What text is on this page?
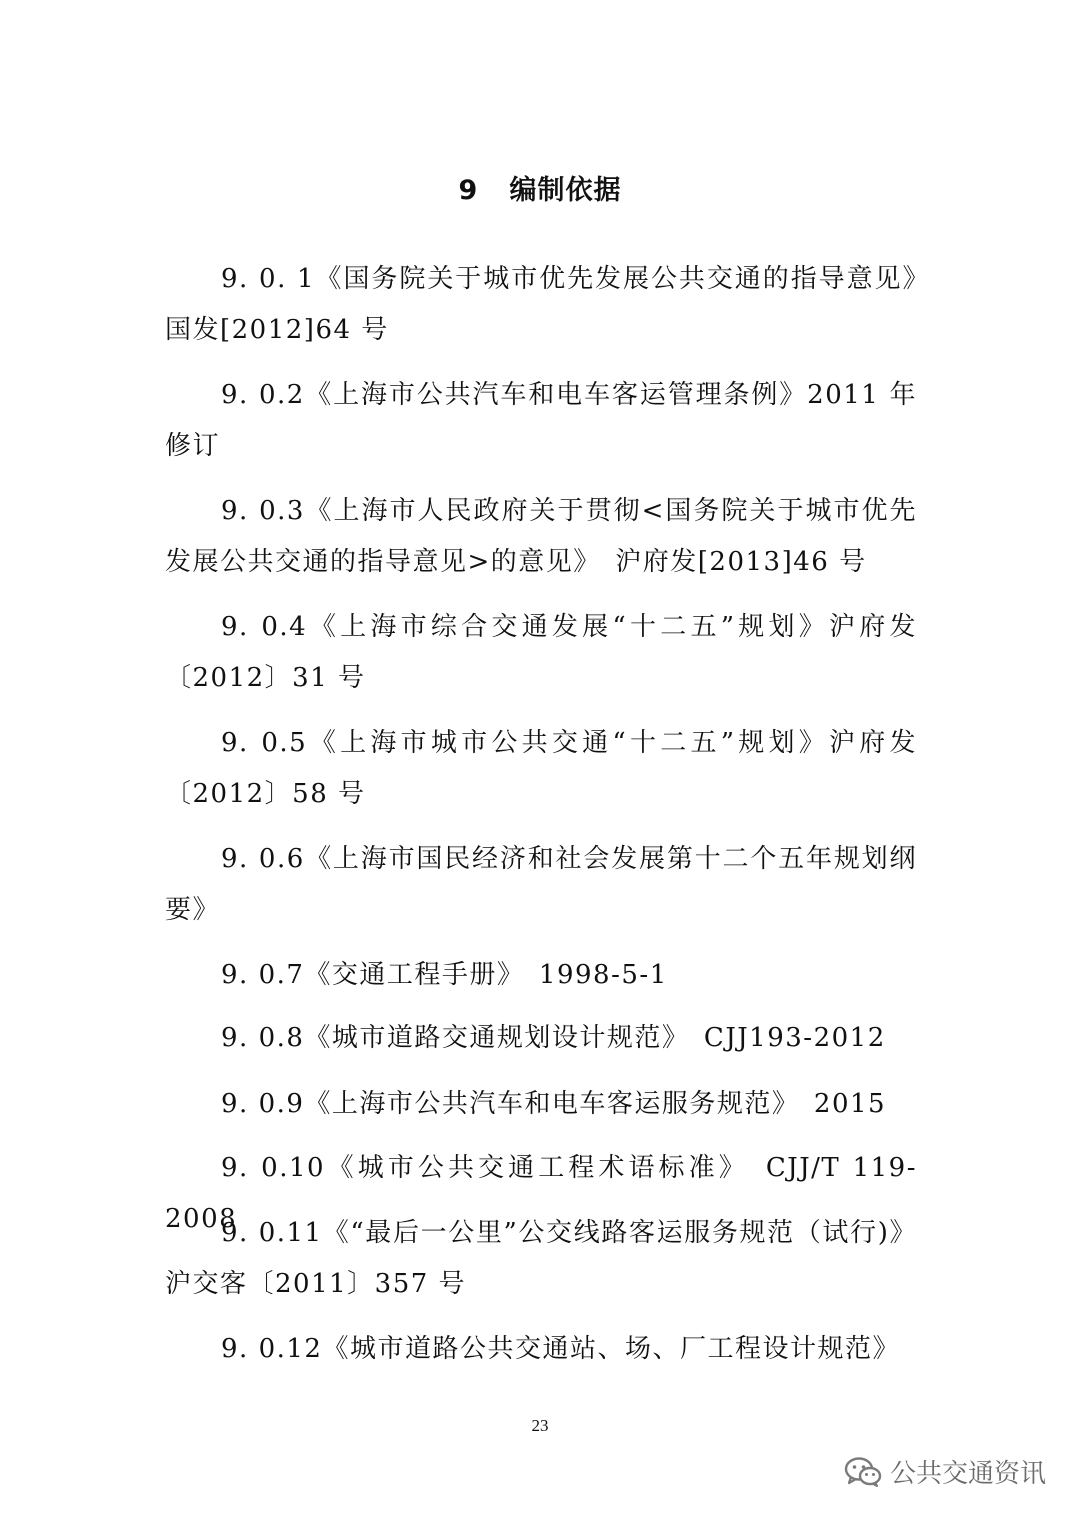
9   编制依据
9. 0. 1《国务院关于城市优先发展公共交通的指导意见》国发[2012]64 号
9. 0.2《上海市公共汽车和电车客运管理条例》2011 年修订
9. 0.3《上海市人民政府关于贯彻<国务院关于城市优先发展公共交通的指导意见>的意见》　沪府发[2013]46 号
9. 0.4《上海市综合交通发展“十二五”规划》沪府发〔2012〕31 号
9. 0.5《上海市城市公共交通“十二五”规划》沪府发〔2012〕58 号
9. 0.6《上海市国民经济和社会发展第十二个五年规划纲要》
9. 0.7《交通工程手册》　1998-5-1
9. 0.8《城市道路交通规划设计规范》　CJJ193-2012
9. 0.9《上海市公共汽车和电车客运服务规范》　2015
9. 0.10《城市公共交通工程术语标准》　CJJ/T 119-2008
9. 0.11《“最后一公里”公交线路客运服务规范（试行)》沪交客〔2011〕357 号
9. 0.12《城市道路公共交通站、场、厂工程设计规范》
23
公共交通资讯
